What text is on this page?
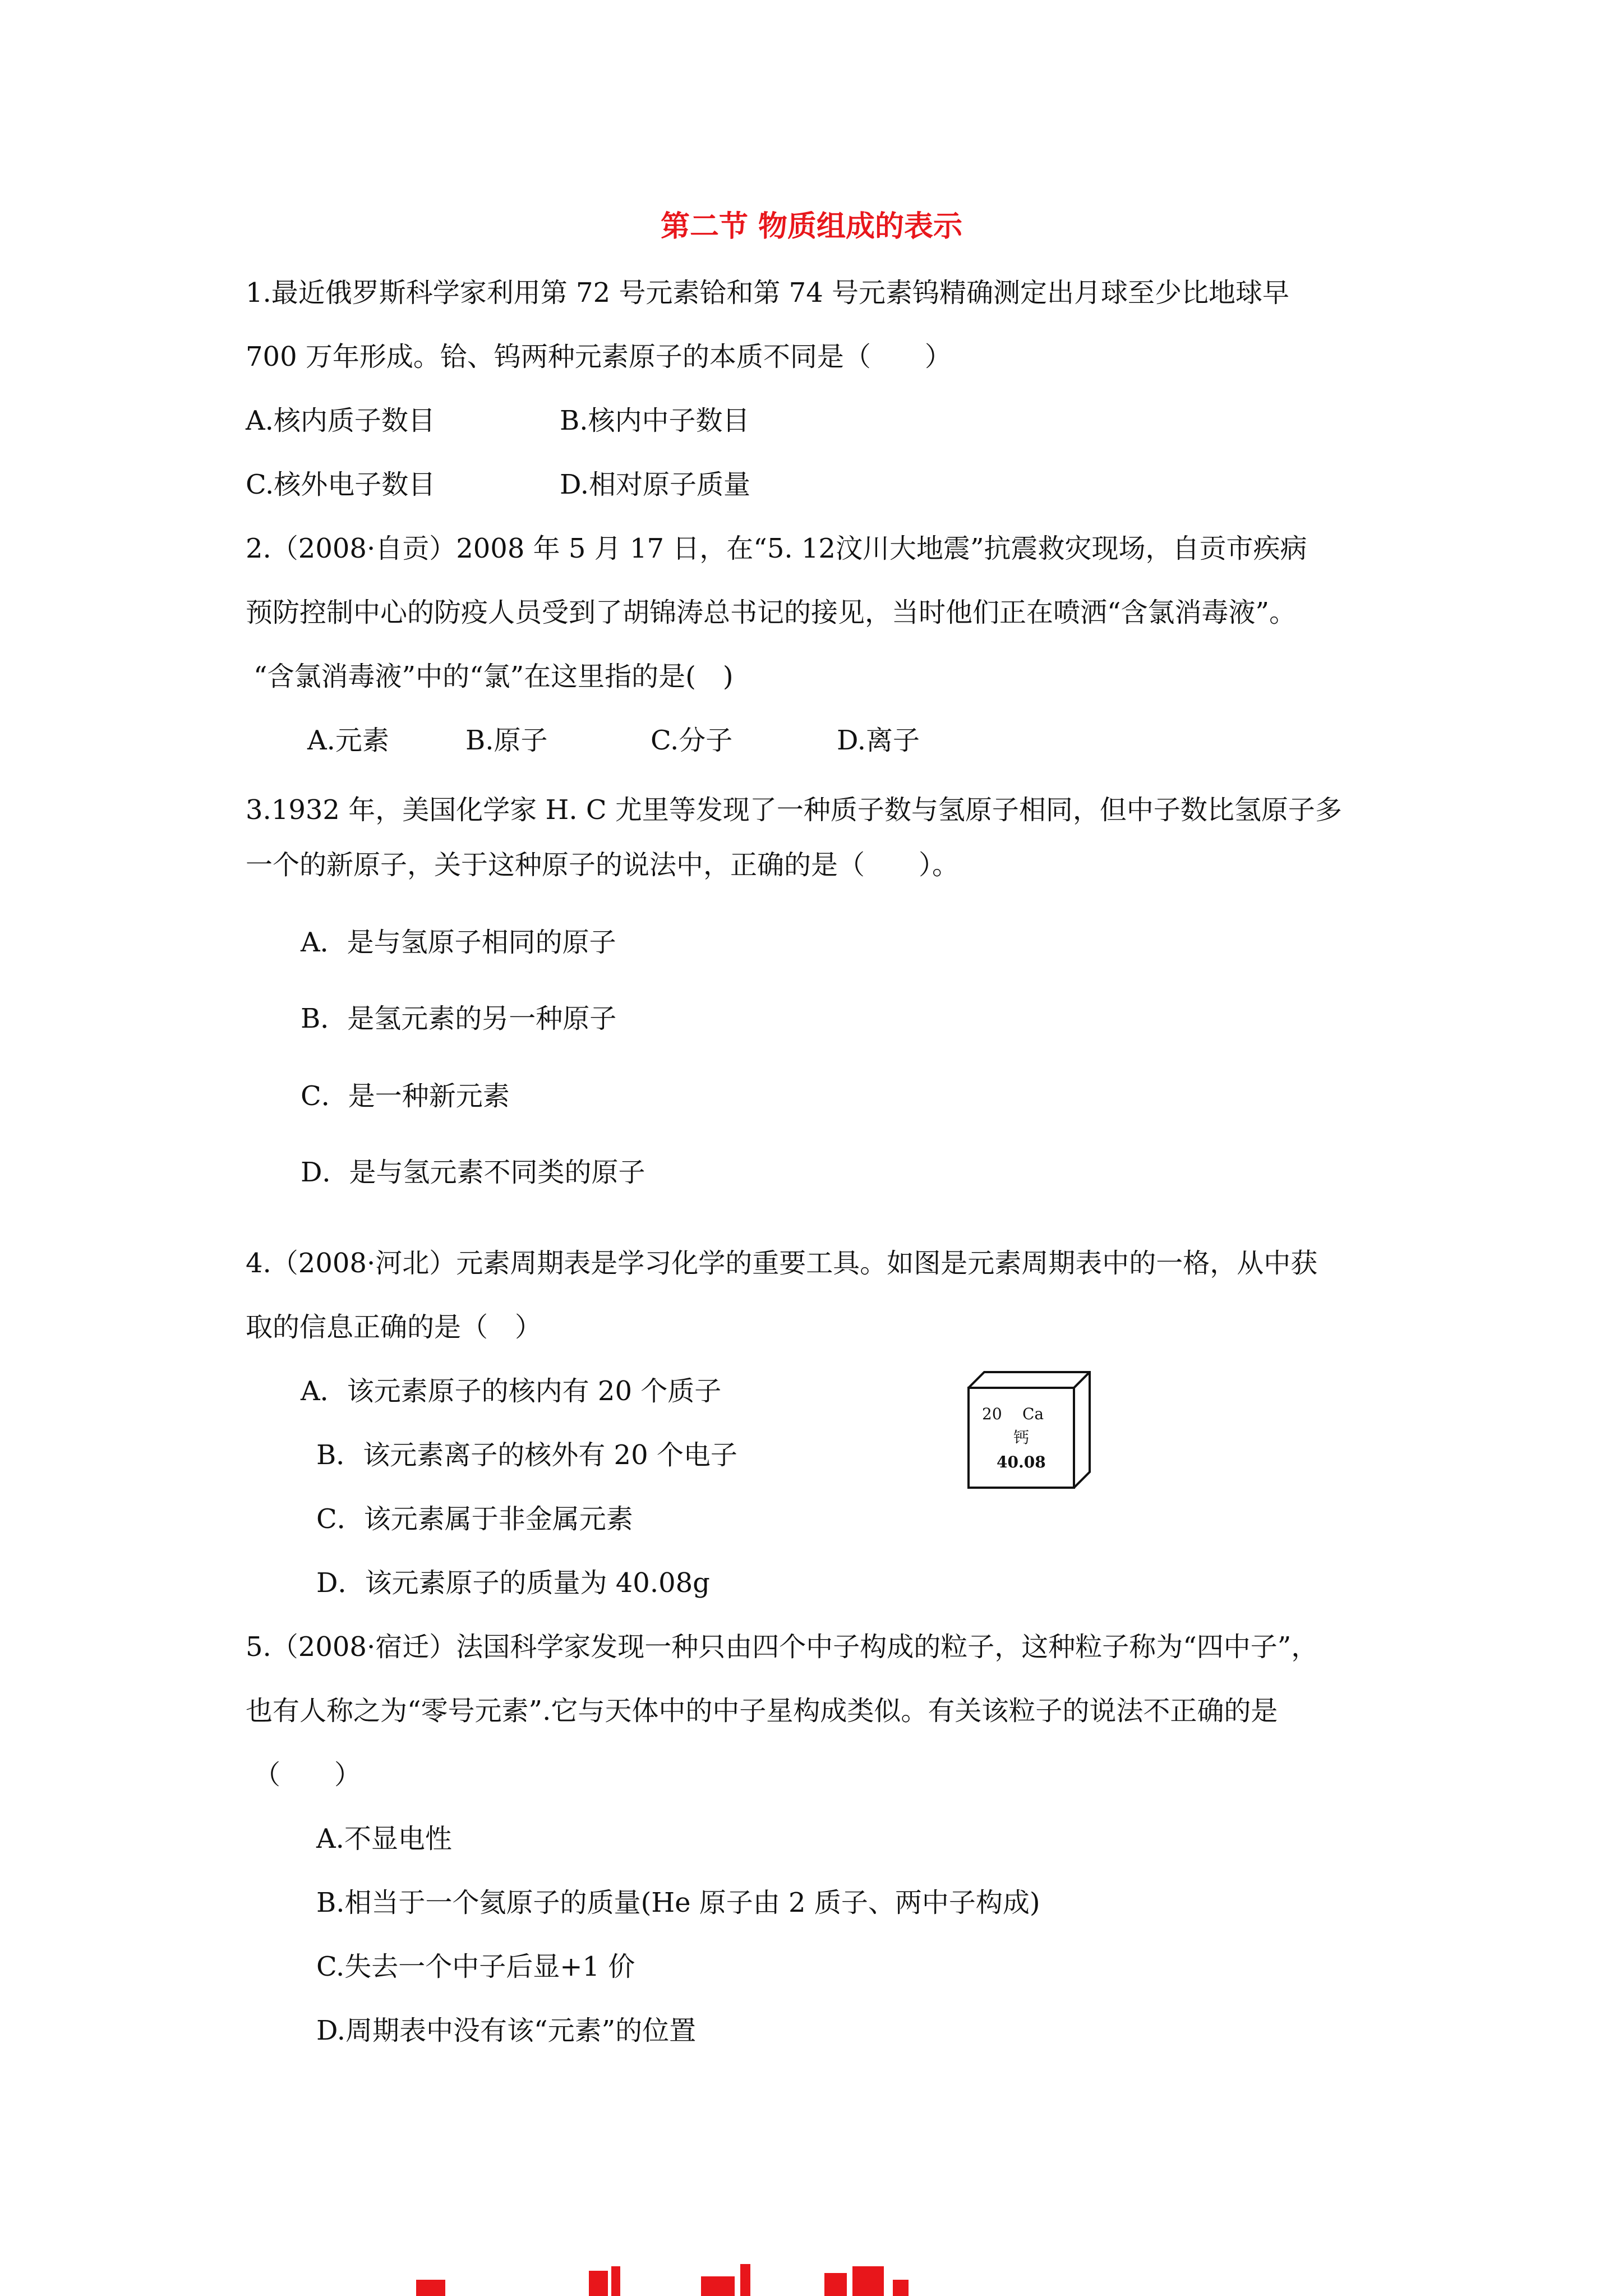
第二节 物质组成的表示

1.最近俄罗斯科学家利用第 72 号元素铪和第 74 号元素钨精确测定出月球至少比地球早

700 万年形成。铪、钨两种元素原子的本质不同是（　　）

A.核内质子数目	B.核内中子数目
C.核外电子数目	D.相对原子质量

2.（2008·自贡）2008 年 5 月 17 日，在“5. 12汶川大地震”抗震救灾现场，自贡市疾病

预防控制中心的防疫人员受到了胡锦涛总书记的接见，当时他们正在喷洒“含氯消毒液”。

“含氯消毒液”中的“氯”在这里指的是(　)

A.元素	B.原子	C.分子	D.离子

3.1932 年，美国化学家 H. C 尤里等发现了一种质子数与氢原子相同，但中子数比氢原子多

一个的新原子，关于这种原子的说法中，正确的是（　　）。

A．是与氢原子相同的原子
B．是氢元素的另一种原子
C．是一种新元素
D．是与氢元素不同类的原子

4.（2008·河北）元素周期表是学习化学的重要工具。如图是元素周期表中的一格，从中获

取的信息正确的是（　）

A．该元素原子的核内有 20 个质子
B．该元素离子的核外有 20 个电子
C．该元素属于非金属元素
D．该元素原子的质量为 40.08g
20 Ca
钙
40.08

5.（2008·宿迁）法国科学家发现一种只由四个中子构成的粒子，这种粒子称为“四中子”，

也有人称之为“零号元素”.它与天体中的中子星构成类似。有关该粒子的说法不正确的是

（　　）

A.不显电性
B.相当于一个氦原子的质量(He 原子由 2 质子、两中子构成)
C.失去一个中子后显+1 价
D.周期表中没有该“元素”的位置
